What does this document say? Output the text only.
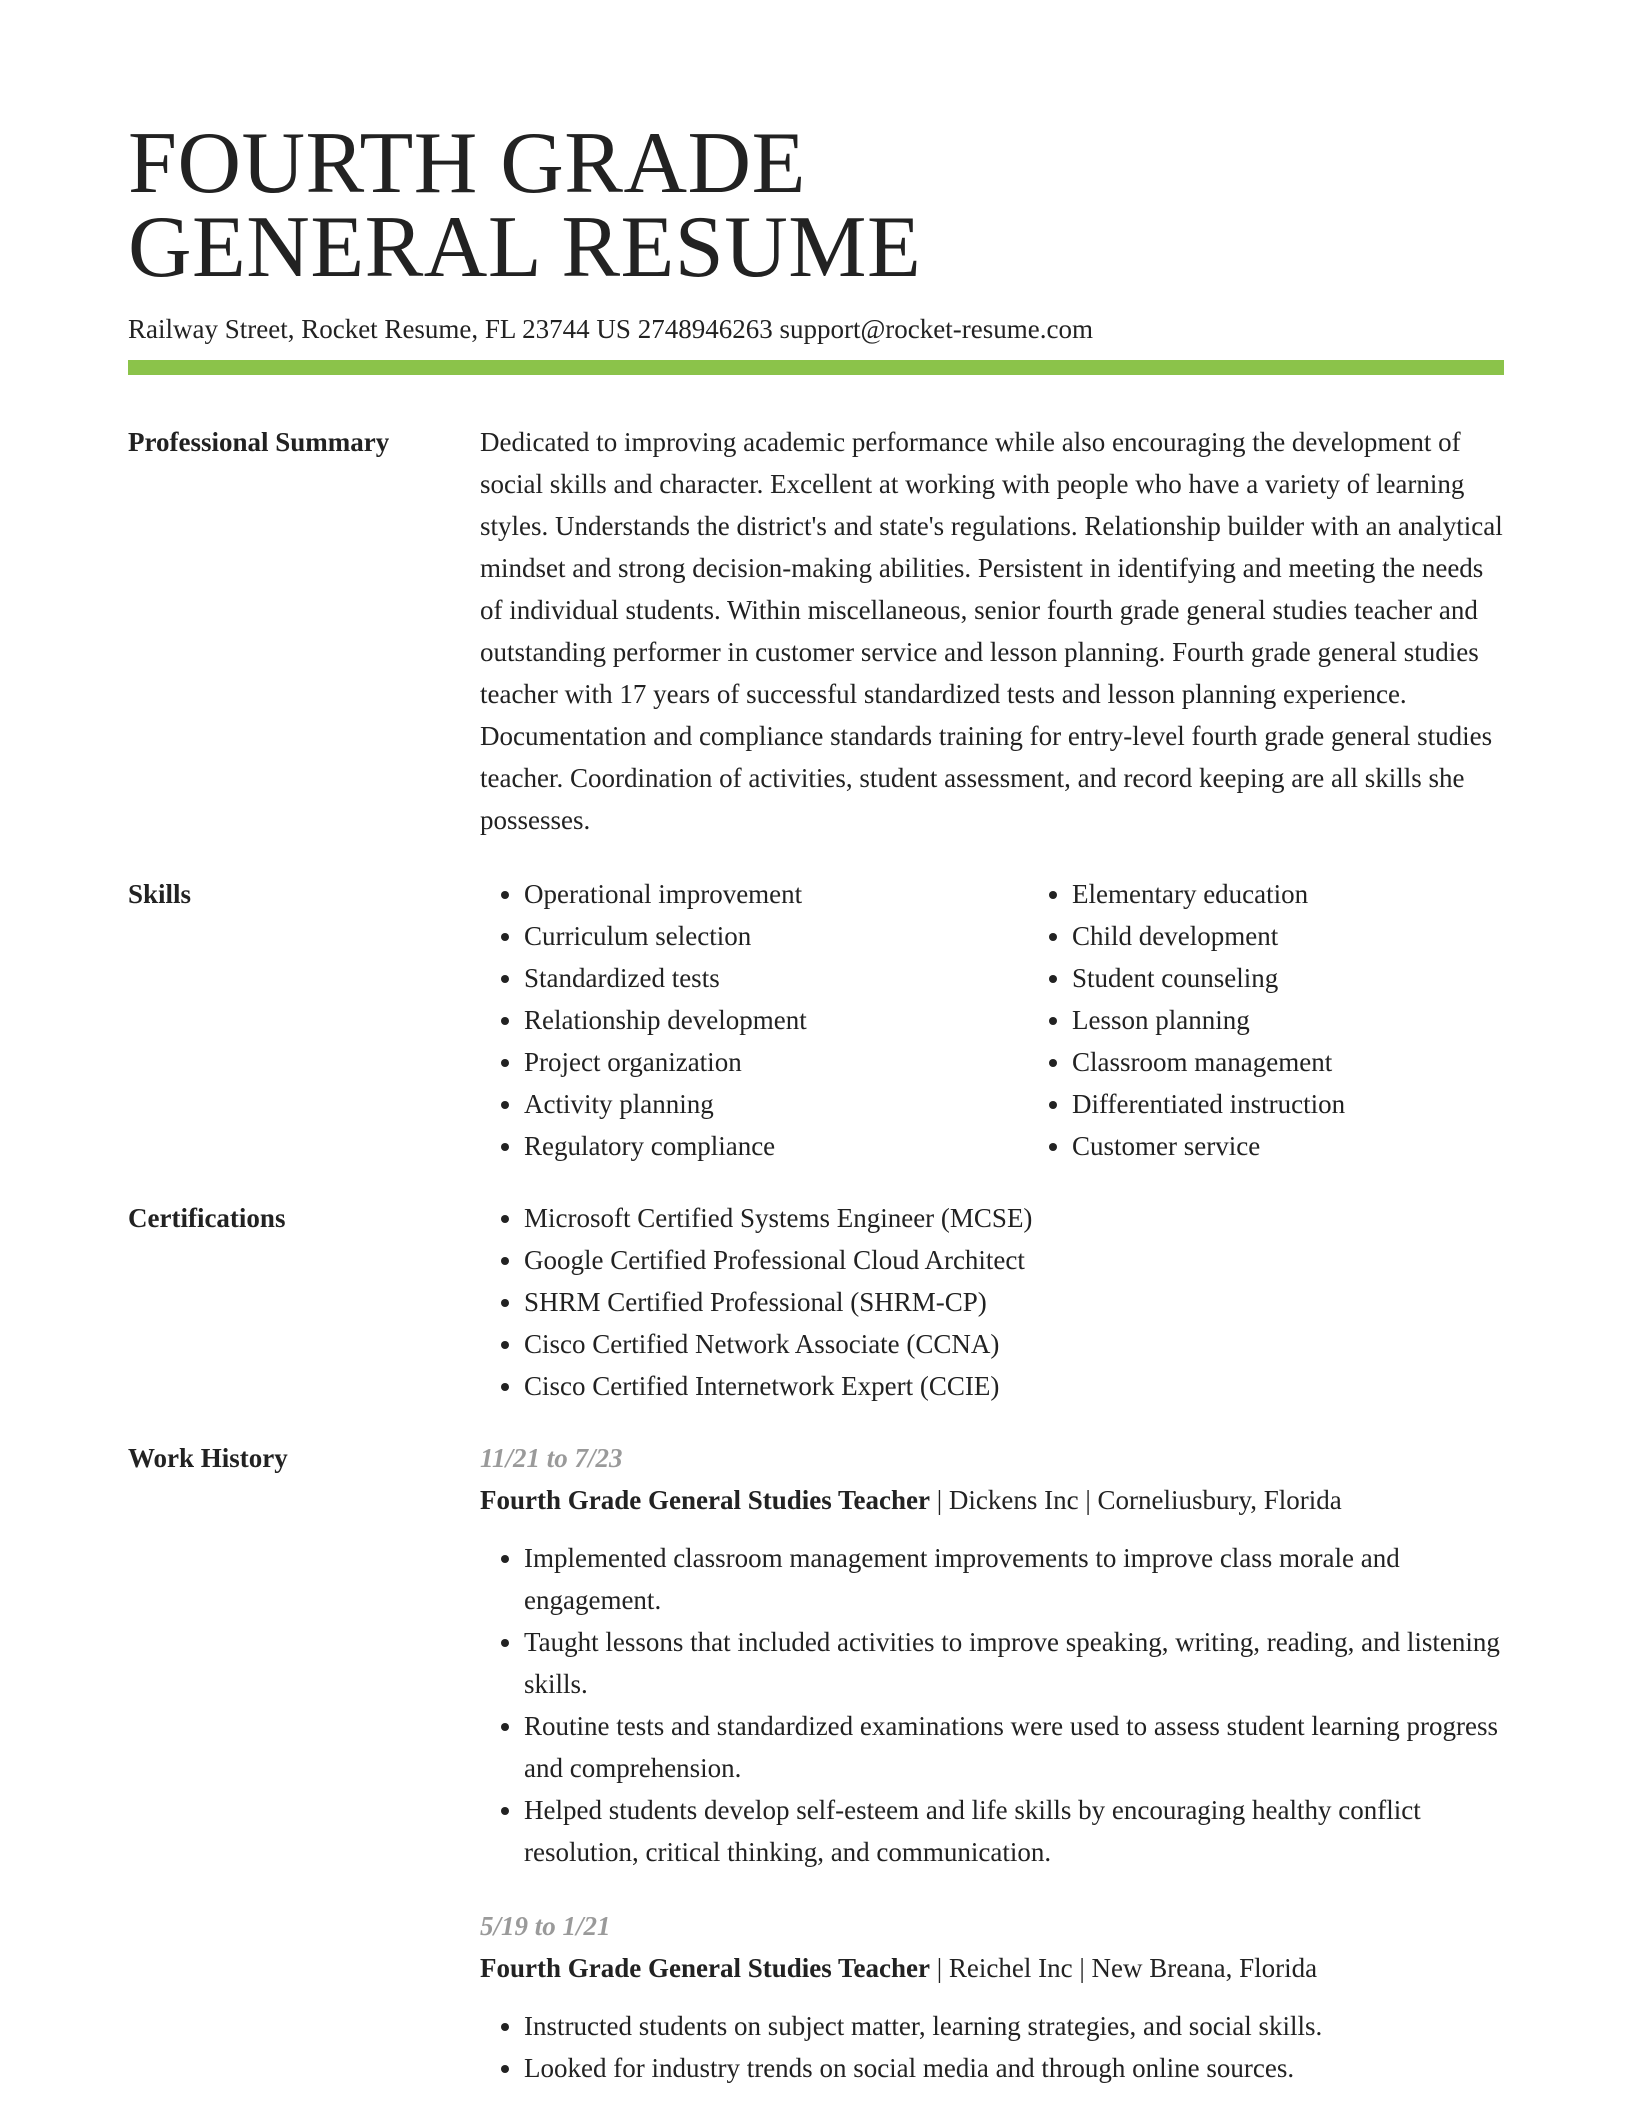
FOURTH GRADE
GENERAL RESUME
Railway Street, Rocket Resume, FL 23744 US 2748946263 support@rocket-resume.com
Professional Summary	Dedicated to improving academic performance while also encouraging the development of social skills and character. Excellent at working with people who have a variety of learning styles. Understands the district's and state's regulations. Relationship builder with an analytical mindset and strong decision-making abilities. Persistent in identifying and meeting the needs of individual students. Within miscellaneous, senior fourth grade general studies teacher and outstanding performer in customer service and lesson planning. Fourth grade general studies teacher with 17 years of successful standardized tests and lesson planning experience. Documentation and compliance standards training for entry-level fourth grade general studies teacher. Coordination of activities, student assessment, and record keeping are all skills she possesses.

Skills	• Operational improvement
• Curriculum selection
• Standardized tests
• Relationship development
• Project organization
• Activity planning
• Regulatory compliance
• Elementary education
• Child development
• Student counseling
• Lesson planning
• Classroom management
• Differentiated instruction
• Customer service
Certifications	• Microsoft Certified Systems Engineer (MCSE)
• Google Certified Professional Cloud Architect
• SHRM Certified Professional (SHRM-CP)
• Cisco Certified Network Associate (CCNA)
• Cisco Certified Internetwork Expert (CCIE)
Work History	11/21 to 7/23
Fourth Grade General Studies Teacher | Dickens Inc | Corneliusbury, Florida
• Implemented classroom management improvements to improve class morale and engagement.
• Taught lessons that included activities to improve speaking, writing, reading, and listening skills.
• Routine tests and standardized examinations were used to assess student learning progress and comprehension.
• Helped students develop self-esteem and life skills by encouraging healthy conflict resolution, critical thinking, and communication.
5/19 to 1/21
Fourth Grade General Studies Teacher | Reichel Inc | New Breana, Florida
• Instructed students on subject matter, learning strategies, and social skills.
• Looked for industry trends on social media and through online sources.
